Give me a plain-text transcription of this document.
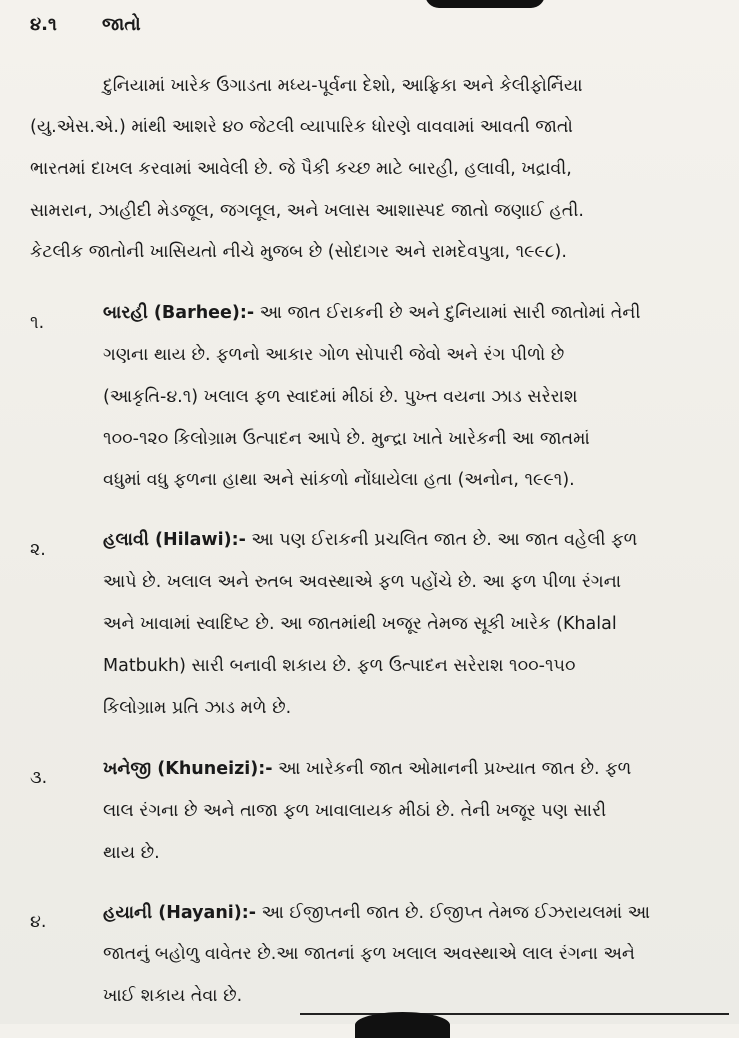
૪.૧	જાતો
દુનિયામાં ખારેક ઉગાડતા મધ્ય-પૂર્વના દેશો, આફ્રિકા અને કેલીફોર્નિયા
(યુ.એસ.એ.) માંથી આશરે ૪૦ જેટલી વ્યાપારિક ધોરણે વાવવામાં આવતી જાતો
ભારતમાં દાખલ કરવામાં આવેલી છે. જે પૈકી કચ્છ માટે બારહી, હલાવી, ખદ્રાવી,
સામરાન, ઝાહીદી મેડજૂલ, જગલૂલ, અને ખલાસ આશાસ્પદ જાતો જણાઈ હતી.
કેટલીક જાતોની ખાસિયતો નીચે મુજબ છે (સોદાગર અને રામદેવપુત્રા, ૧૯૯૮).
૧.	બારહી (Barhee):- આ જાત ઈરાકની છે અને દુનિયામાં સારી જાતોમાં તેની
ગણના થાય છે. ફળનો આકાર ગોળ સોપારી જેવો અને રંગ પીળો છે
(આકૃતિ-૪.૧) ખલાલ ફળ સ્વાદમાં મીઠાં છે. પુખ્ત વયના ઝાડ સરેરાશ
૧૦૦-૧૨૦ કિલોગ્રામ ઉત્પાદન આપે છે. મુન્દ્રા ખાતે ખારેકની આ જાતમાં
વધુમાં વધુ ફળના હાથા અને સાંકળો નોંધાયેલા હતા (અનોન, ૧૯૯૧).
૨.	હલાવી (Hilawi):- આ પણ ઈરાકની પ્રચલિત જાત છે. આ જાત વહેલી ફળ
આપે છે. ખલાલ અને રુતબ અવસ્થાએ ફળ પહોંચે છે. આ ફળ પીળા રંગના
અને ખાવામાં સ્વાદિષ્ટ છે. આ જાતમાંથી ખજૂર તેમજ સૂકી ખારેક (Khalal
Matbukh) સારી બનાવી શકાય છે. ફળ ઉત્પાદન સરેરાશ ૧૦૦-૧૫૦
કિલોગ્રામ પ્રતિ ઝાડ મળે છે.
૩.	ખનેજી (Khuneizi):- આ ખારેકની જાત ઓમાનની પ્રખ્યાત જાત છે. ફળ
લાલ રંગના છે અને તાજા ફળ ખાવાલાયક મીઠાં છે. તેની ખજૂર પણ સારી
થાય છે.
૪.	હયાની (Hayani):- આ ઈજીપ્તની જાત છે. ઈજીપ્ત તેમજ ઈઝરાયલમાં આ
જાતનું બહોળુ વાવેતર છે.આ જાતનાં ફળ ખલાલ અવસ્થાએ લાલ રંગના અને
ખાઈ શકાય તેવા છે.
